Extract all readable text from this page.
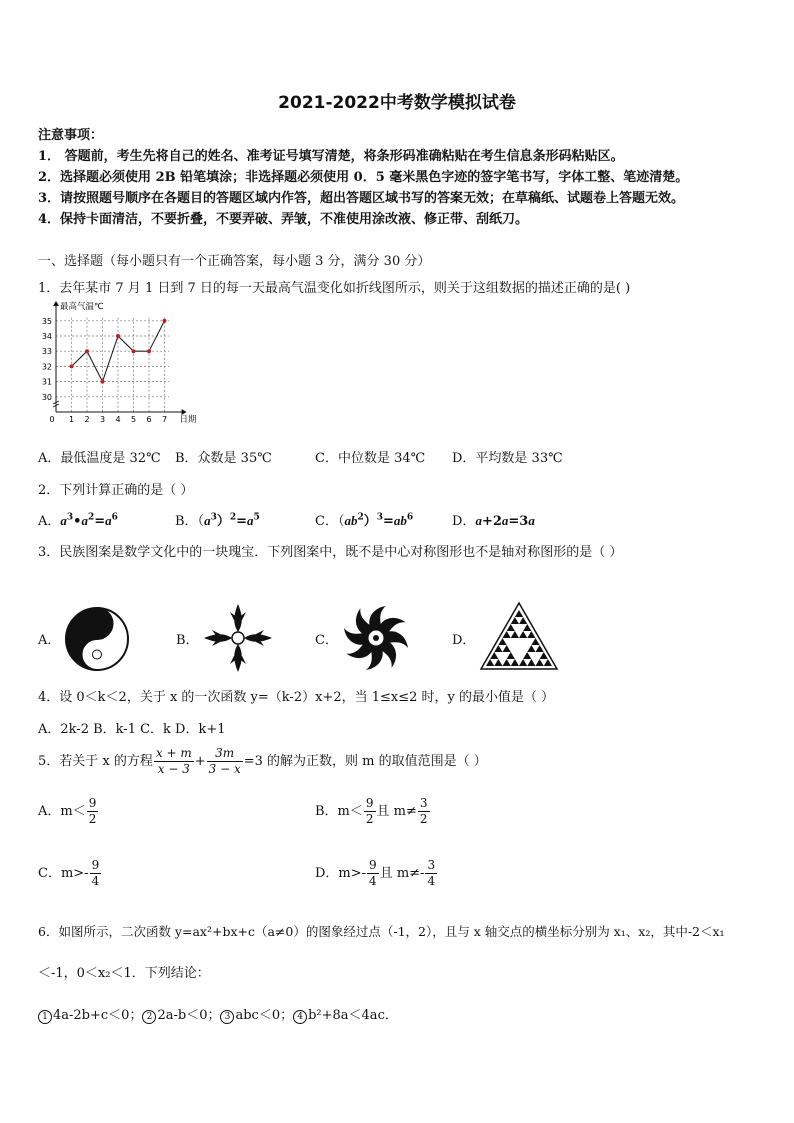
2021-2022中考数学模拟试卷
注意事项：
1． 答题前，考生先将自己的姓名、准考证号填写清楚，将条形码准确粘贴在考生信息条形码粘贴区。
2．选择题必须使用 2B 铅笔填涂；非选择题必须使用 0．5 毫米黑色字迹的签字笔书写，字体工整、笔迹清楚。
3．请按照题号顺序在各题目的答题区域内作答，超出答题区域书写的答案无效；在草稿纸、试题卷上答题无效。
4．保持卡面清洁，不要折叠，不要弄破、弄皱，不准使用涂改液、修正带、刮纸刀。
一、选择题（每小题只有一个正确答案，每小题 3 分，满分 30 分）
1．去年某市 7 月 1 日到 7 日的每一天最高气温变化如折线图所示，则关于这组数据的描述正确的是( )
30
31
32
33
34
35
0 1 2 3 4 5 6 7
最高气温℃
日期
A．最低温度是 32℃ B．众数是 35℃	C．中位数是 34℃ D．平均数是 33℃
2．下列计算正确的是（ ）
A．$a^3•a^2=a^6$	B．$(a^3)^2=a^5$	C．$(ab^2)^3=ab^6$	D．a+2a=3a
3．民族图案是数学文化中的一块瑰宝．下列图案中，既不是中心对称图形也不是轴对称图形的是（ ）
A．	B．	C．	D．
4．设 0＜k＜2，关于 x 的一次函数 y=（k-2）x+2，当 1≤x≤2 时，y 的最小值是（ ）
A．2k-2 B．k-1 C．k D．k+1
5．若关于 x 的方程 $\frac{x + m}{x - 3} + \frac{3m}{3 - x} =3$ 的解为正数，则 m 的取值范围是（ ）
A．$m< \frac{9}{2}$	B．$m< \frac{9}{2}$ 且 $m\ne \frac{3}{2}$
C．$m>- \frac{9}{4}$	D．$m>- \frac{9}{4}$ 且 $m\ne- \frac{3}{4}$
6．如图所示，二次函数 y=ax²+bx+c（a≠0）的图象经过点（-1，2），且与 x 轴交点的横坐标分别为 x₁、x₂，其中-2＜x₁
＜-1，0＜x₂＜1．下列结论：
1 4a-2b+c＜0； 2 2a-b＜0； 3 abc＜0； 4 b²+8a＜4ac．
